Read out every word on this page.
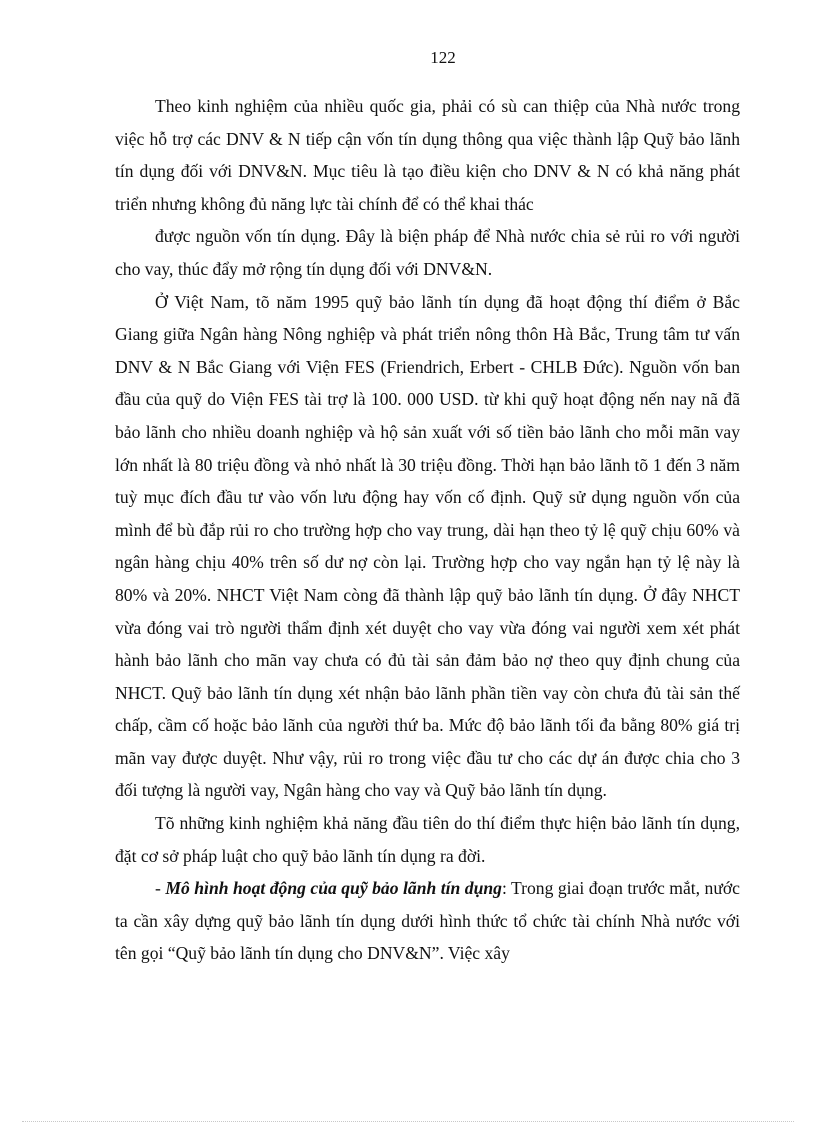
122

Theo kinh nghiệm của nhiều quốc gia, phải có sù can thiệp của Nhà nước trong việc hỗ trợ các DNV & N tiếp cận vốn tín dụng thông qua việc thành lập Quỹ bảo lãnh tín dụng đối với DNV&N. Mục tiêu là tạo điều kiện cho DNV & N có khả năng phát triển nhưng không đủ năng lực tài chính để có thể khai thác

được nguồn vốn tín dụng. Đây là biện pháp để Nhà nước chia sẻ rủi ro với người cho vay, thúc đẩy mở rộng tín dụng đối với DNV&N.

Ở Việt Nam, tõ năm 1995 quỹ bảo lãnh tín dụng đã hoạt động thí điểm ở Bắc Giang giữa Ngân hàng Nông nghiệp và phát triển nông thôn Hà Bắc, Trung tâm tư vấn DNV & N Bắc Giang với Viện FES (Friendrich, Erbert - CHLB Đức). Nguồn vốn ban đầu của quỹ do Viện FES tài trợ là 100. 000 USD. từ khi quỹ hoạt động nến nay nã đã bảo lãnh cho nhiều doanh nghiệp và hộ sản xuất với số tiền bảo lãnh cho mỗi mãn vay lớn nhất là 80 triệu đồng và nhỏ nhất là 30 triệu đồng. Thời hạn bảo lãnh tõ 1 đến 3 năm tuỳ mục đích đầu tư vào vốn lưu động hay vốn cố định. Quỹ sử dụng nguồn vốn của mình để bù đắp rủi ro cho trường hợp cho vay trung, dài hạn theo tỷ lệ quỹ chịu 60% và ngân hàng chịu 40% trên số dư nợ còn lại. Trường hợp cho vay ngắn hạn tỷ lệ này là 80% và 20%. NHCT Việt Nam còng đã thành lập quỹ bảo lãnh tín dụng. Ở đây NHCT vừa đóng vai trò người thẩm định xét duyệt cho vay vừa đóng vai người xem xét phát hành bảo lãnh cho mãn vay chưa có đủ tài sản đảm bảo nợ theo quy định chung của NHCT. Quỹ bảo lãnh tín dụng xét nhận bảo lãnh phần tiền vay còn chưa đủ tài sản thế chấp, cầm cố hoặc bảo lãnh của người thứ ba. Mức độ bảo lãnh tối đa bằng 80% giá trị mãn vay được duyệt. Như vậy, rủi ro trong việc đầu tư cho các dự án được chia cho 3 đối tượng là người vay, Ngân hàng cho vay và Quỹ bảo lãnh tín dụng.

Tõ những kinh nghiệm khả năng đầu tiên do thí điểm thực hiện bảo lãnh tín dụng, đặt cơ sở pháp luật cho quỹ bảo lãnh tín dụng ra đời.

- Mô hình hoạt động của quỹ bảo lãnh tín dụng: Trong giai đoạn trước mắt, nước ta cần xây dựng quỹ bảo lãnh tín dụng dưới hình thức tổ chức tài chính Nhà nước với tên gọi “Quỹ bảo lãnh tín dụng cho DNV&N”. Việc xây
